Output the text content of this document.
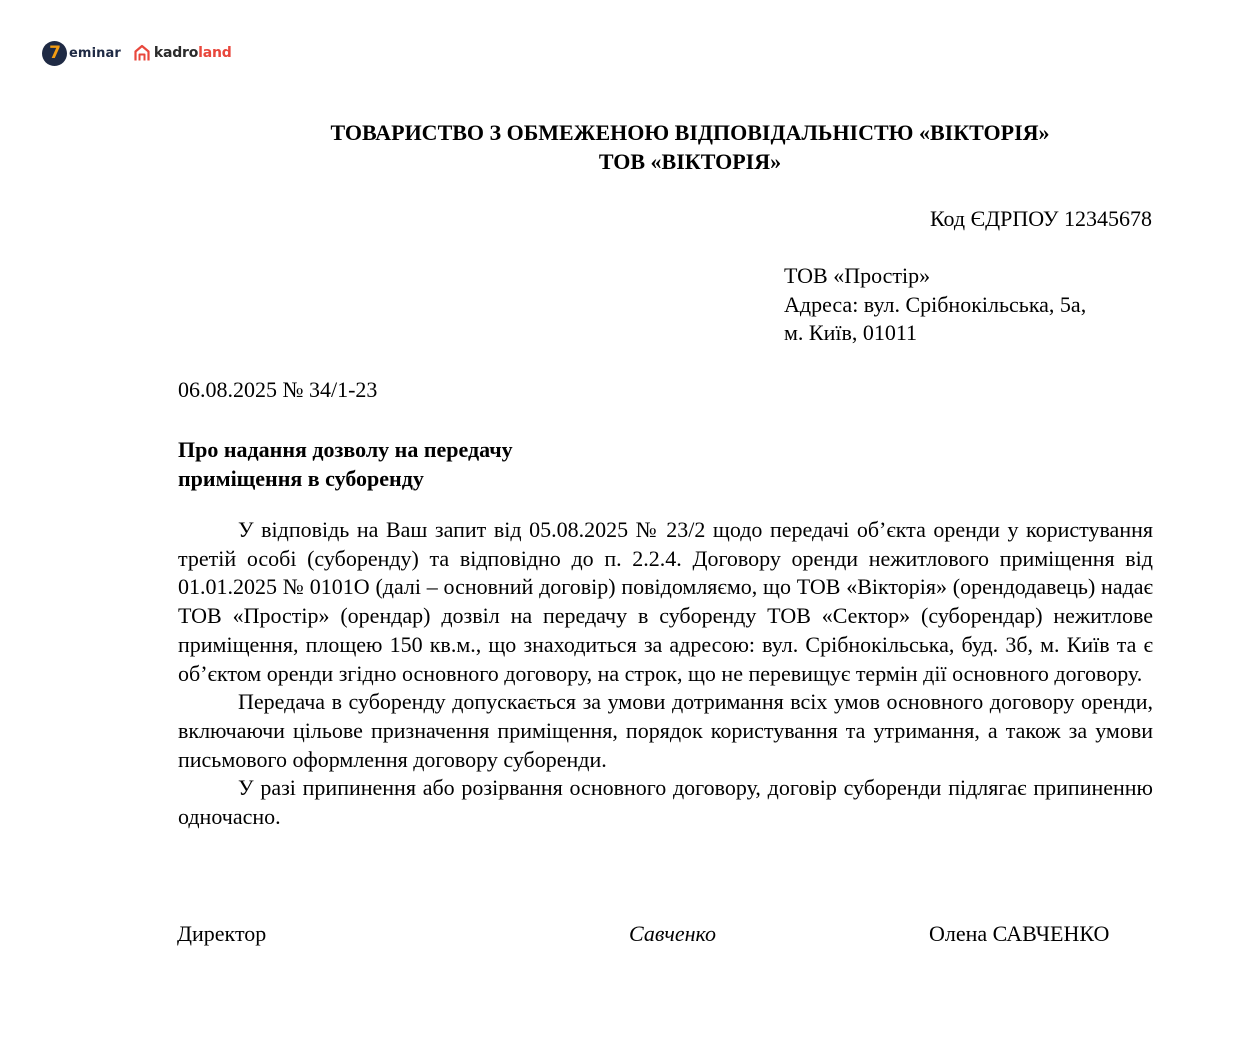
7 eminar kadroland
ТОВАРИСТВО З ОБМЕЖЕНОЮ ВІДПОВІДАЛЬНІСТЮ «ВІКТОРІЯ»
ТОВ «ВІКТОРІЯ»
Код ЄДРПОУ 12345678
ТОВ «Простір»
Адреса: вул. Срібнокільська, 5а,
м. Київ, 01011
06.08.2025 № 34/1-23
Про надання дозволу на передачу
приміщення в суборенду

У відповідь на Ваш запит від 05.08.2025 № 23/2 щодо передачі об’єкта оренди у користування третій особі (суборенду) та відповідно до п. 2.2.4. Договору оренди нежитлового приміщення від 01.01.2025 № 0101О (далі – основний договір) повідомляємо, що ТОВ «Вікторія» (орендодавець) надає ТОВ «Простір» (орендар) дозвіл на передачу в суборенду ТОВ «Сектор» (суборендар) нежитлове приміщення, площею 150 кв.м., що знаходиться за адресою: вул. Срібнокільська, буд. 3б, м. Київ та є об’єктом оренди згідно основного договору, на строк, що не перевищує термін дії основного договору.

Передача в суборенду допускається за умови дотримання всіх умов основного договору оренди, включаючи цільове призначення приміщення, порядок користування та утримання, а також за умови письмового оформлення договору суборенди.

У разі припинення або розірвання основного договору, договір суборенди підлягає припиненню одночасно.

Директор	Савченко	Олена САВЧЕНКО
